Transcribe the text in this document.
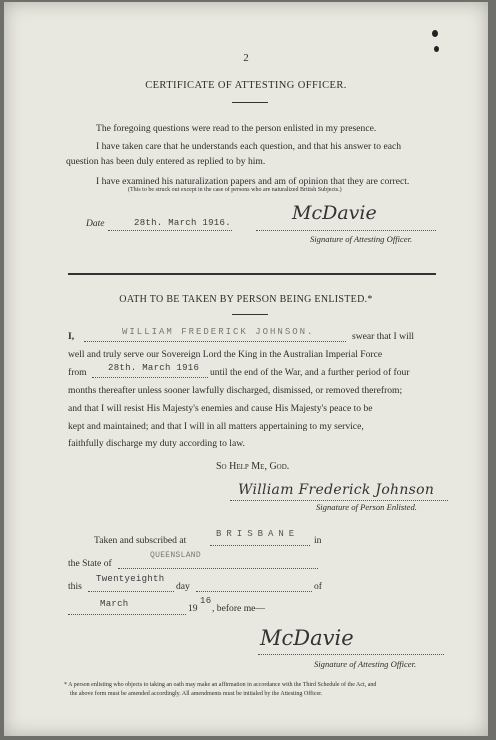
2
CERTIFICATE OF ATTESTING OFFICER.
The foregoing questions were read to the person enlisted in my presence.
I have taken care that he understands each question, and that his answer to each
question has been duly entered as replied to by him.
I have examined his naturalization papers and am of opinion that they are correct.
(This to be struck out except in the case of persons who are naturalized British Subjects.)
Date	28th. March 1916.	McDavie
Signature of Attesting Officer.
OATH TO BE TAKEN BY PERSON BEING ENLISTED.*
I,	WILLIAM FREDERICK JOHNSON.	swear that I will
well and truly serve our Sovereign Lord the King in the Australian Imperial Force
from 28th. March 1916 until the end of the War, and a further period of four
months thereafter unless sooner lawfully discharged, dismissed, or removed therefrom;
and that I will resist His Majesty's enemies and cause His Majesty's peace to be
kept and maintained; and that I will in all matters appertaining to my service,
faithfully discharge my duty according to law.
So Help Me, God.
William Frederick Johnson
Signature of Person Enlisted.
Taken and subscribed at
BRISBANE
in
the State of
QUEENSLAND
this
Twentyeighth
day	of
March	19
16
, before me—
McDavie
Signature of Attesting Officer.
* A person enlisting who objects to taking an oath may make an affirmation in accordance with the Third Schedule of the Act, and
the above form must be amended accordingly. All amendments must be initialed by the Attesting Officer.
